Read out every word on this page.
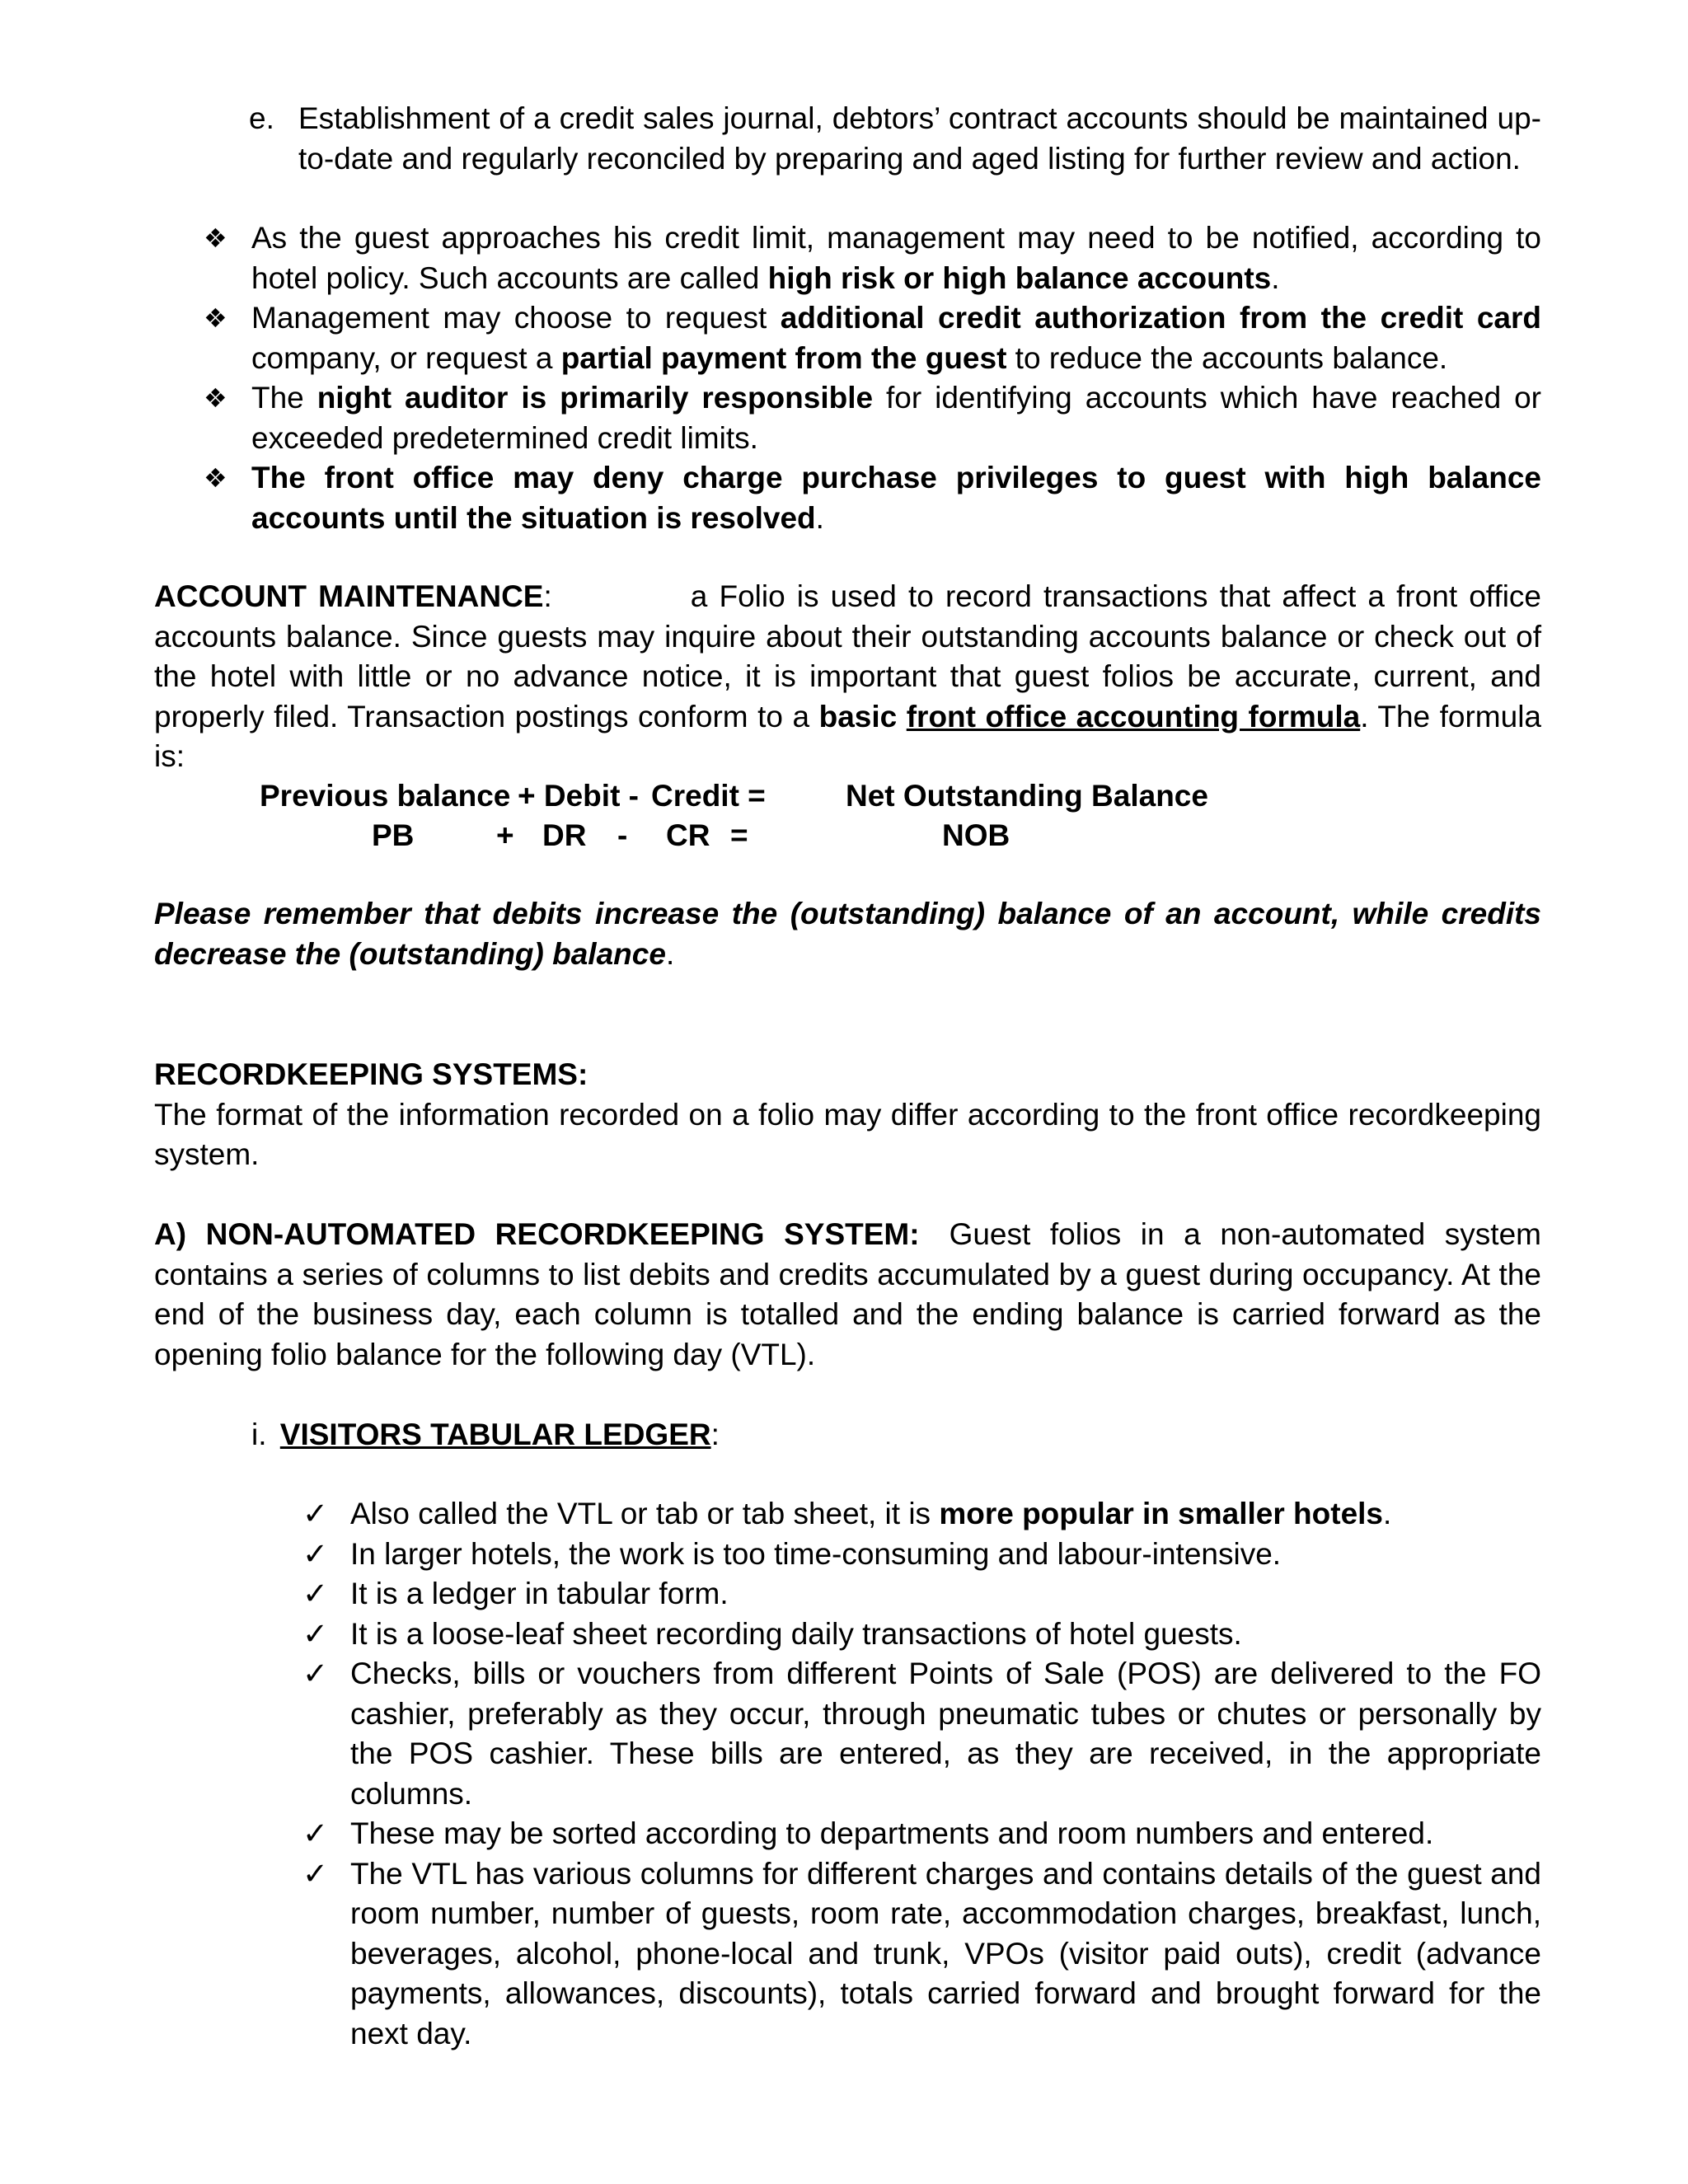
e. Establishment of a credit sales journal, debtors’ contract accounts should be maintained up-to-date and regularly reconciled by preparing and aged listing for further review and action.
❖ As the guest approaches his credit limit, management may need to be notified, according to hotel policy. Such accounts are called high risk or high balance accounts.
❖ Management may choose to request additional credit authorization from the credit card company, or request a partial payment from the guest to reduce the accounts balance.
❖ The night auditor is primarily responsible for identifying accounts which have reached or exceeded predetermined credit limits.
❖ The front office may deny charge purchase privileges to guest with high balance accounts until the situation is resolved.
ACCOUNT MAINTENANCE:	a Folio is used to record transactions that affect a front office accounts balance. Since guests may inquire about their outstanding accounts balance or check out of the hotel with little or no advance notice, it is important that guest folios be accurate, current, and properly filed. Transaction postings conform to a basic front office accounting formula. The formula is:
Previous balance + Debit - Credit =	Net Outstanding Balance
PB	+ DR - CR =	NOB
Please remember that debits increase the (outstanding) balance of an account, while credits decrease the (outstanding) balance.
RECORDKEEPING SYSTEMS:
The format of the information recorded on a folio may differ according to the front office recordkeeping system.
A) NON-AUTOMATED RECORDKEEPING SYSTEM: Guest folios in a non-automated system contains a series of columns to list debits and credits accumulated by a guest during occupancy. At the end of the business day, each column is totalled and the ending balance is carried forward as the opening folio balance for the following day (VTL).
i. VISITORS TABULAR LEDGER:
✓ Also called the VTL or tab or tab sheet, it is more popular in smaller hotels.
✓ In larger hotels, the work is too time-consuming and labour-intensive.
✓ It is a ledger in tabular form.
✓ It is a loose-leaf sheet recording daily transactions of hotel guests.
✓ Checks, bills or vouchers from different Points of Sale (POS) are delivered to the FO cashier, preferably as they occur, through pneumatic tubes or chutes or personally by the POS cashier. These bills are entered, as they are received, in the appropriate columns.
✓ These may be sorted according to departments and room numbers and entered.
✓ The VTL has various columns for different charges and contains details of the guest and room number, number of guests, room rate, accommodation charges, breakfast, lunch, beverages, alcohol, phone-local and trunk, VPOs (visitor paid outs), credit (advance payments, allowances, discounts), totals carried forward and brought forward for the next day.
